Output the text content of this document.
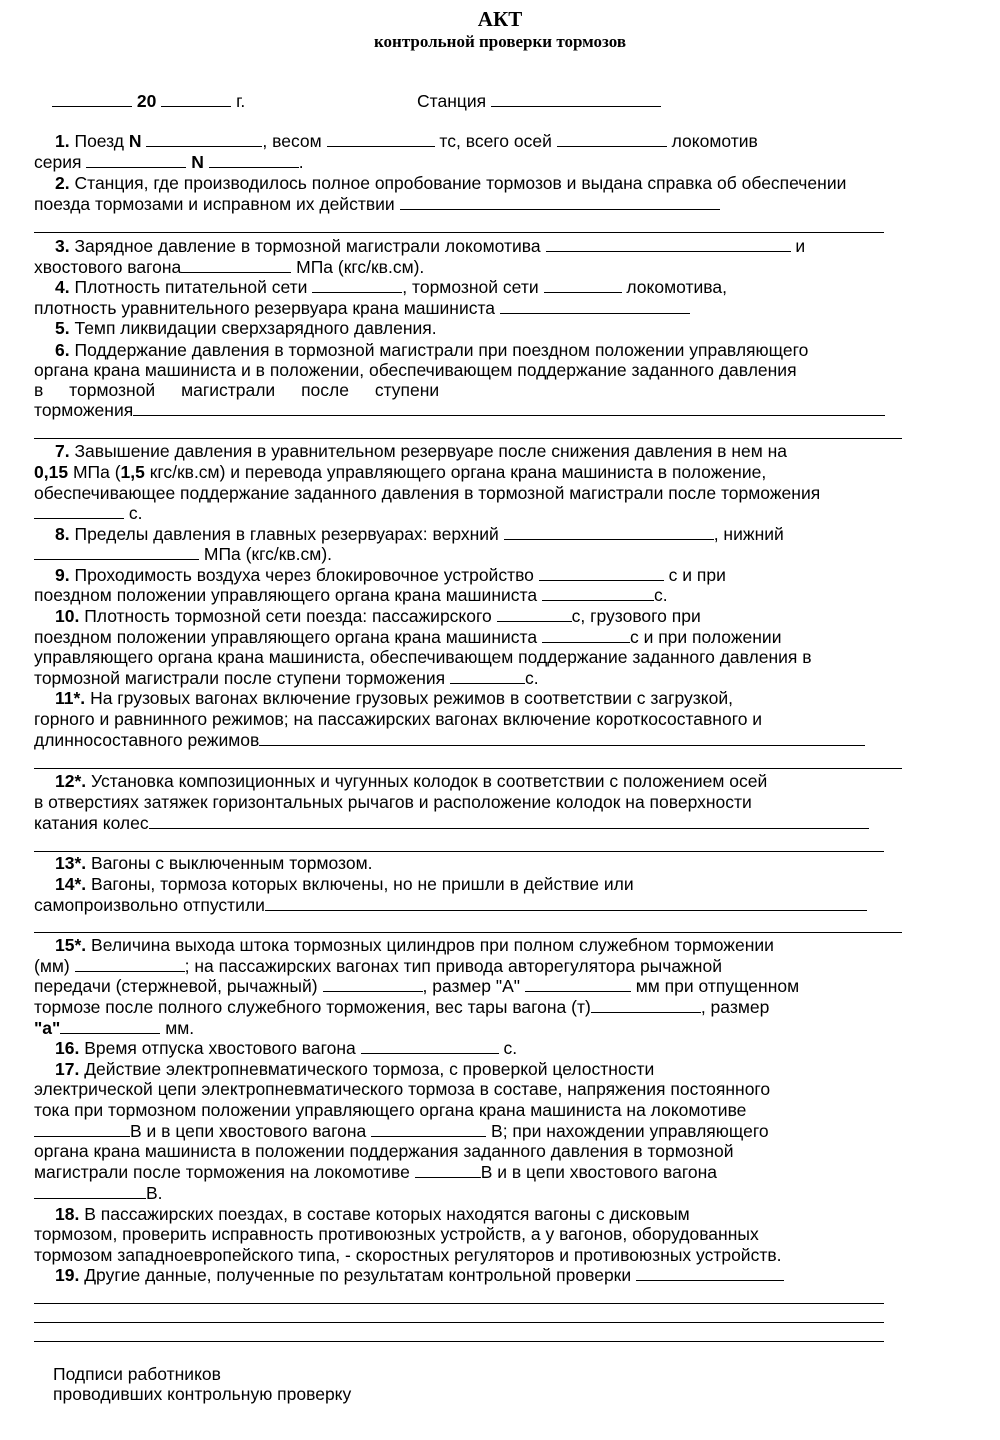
АКТ
контрольной проверки тормозов
20	г.	Станция
1. Поезд N	, весом	тс, всего осей	локомотив
серия	N	.
2. Станция, где производилось полное опробование тормозов и выдана справка об обеспечении
поезда тормозами и исправном их действии
3. Зарядное давление в тормозной магистрали локомотива	и
хвостового вагона	МПа (кгс/кв.см).
4. Плотность питательной сети	, тормозной сети	локомотива,
плотность уравнительного резервуара крана машиниста
5. Темп ликвидации сверхзарядного давления.
6. Поддержание давления в тормозной магистрали при поездном положении управляющего
органа крана машиниста и в положении, обеспечивающем поддержание заданного давления
в тормозной магистрали после ступени
торможения
7. Завышение давления в уравнительном резервуаре после снижения давления в нем на
0,15 МПа (1,5 кгс/кв.см) и перевода управляющего органа крана машиниста в положение,
обеспечивающее поддержание заданного давления в тормозной магистрали после торможения
с.
8. Пределы давления в главных резервуарах: верхний	, нижний
МПа (кгс/кв.см).
9. Проходимость воздуха через блокировочное устройство	с и при
поездном положении управляющего органа крана машиниста	с.
10. Плотность тормозной сети поезда: пассажирского	с, грузового при
поездном положении управляющего органа крана машиниста	с и при положении
управляющего органа крана машиниста, обеспечивающем поддержание заданного давления в
тормозной магистрали после ступени торможения	с.
11*. На грузовых вагонах включение грузовых режимов в соответствии с загрузкой,
горного и равнинного режимов; на пассажирских вагонах включение короткосоставного и
длинносоставного режимов
12*. Установка композиционных и чугунных колодок в соответствии с положением осей
в отверстиях затяжек горизонтальных рычагов и расположение колодок на поверхности
катания колес
13*. Вагоны с выключенным тормозом.
14*. Вагоны, тормоза которых включены, но не пришли в действие или
самопроизвольно отпустили
15*. Величина выхода штока тормозных цилиндров при полном служебном торможении
(мм)	; на пассажирских вагонах тип привода авторегулятора рычажной
передачи (стержневой, рычажный)	, размер "А"	мм при отпущенном
тормозе после полного служебного торможения, вес тары вагона (т)	, размер
"а"	мм.
16. Время отпуска хвостового вагона	с.
17. Действие электропневматического тормоза, с проверкой целостности
электрической цепи электропневматического тормоза в составе, напряжения постоянного
тока при тормозном положении управляющего органа крана машиниста на локомотиве
В и в цепи хвостового вагона	В; при нахождении управляющего
органа крана машиниста в положении поддержания заданного давления в тормозной
магистрали после торможения на локомотиве	В и в цепи хвостового вагона
В.
18. В пассажирских поездах, в составе которых находятся вагоны с дисковым
тормозом, проверить исправность противоюзных устройств, а у вагонов, оборудованных
тормозом западноевропейского типа, - скоростных регуляторов и противоюзных устройств.
19. Другие данные, полученные по результатам контрольной проверки
Подписи работников
проводивших контрольную проверку
